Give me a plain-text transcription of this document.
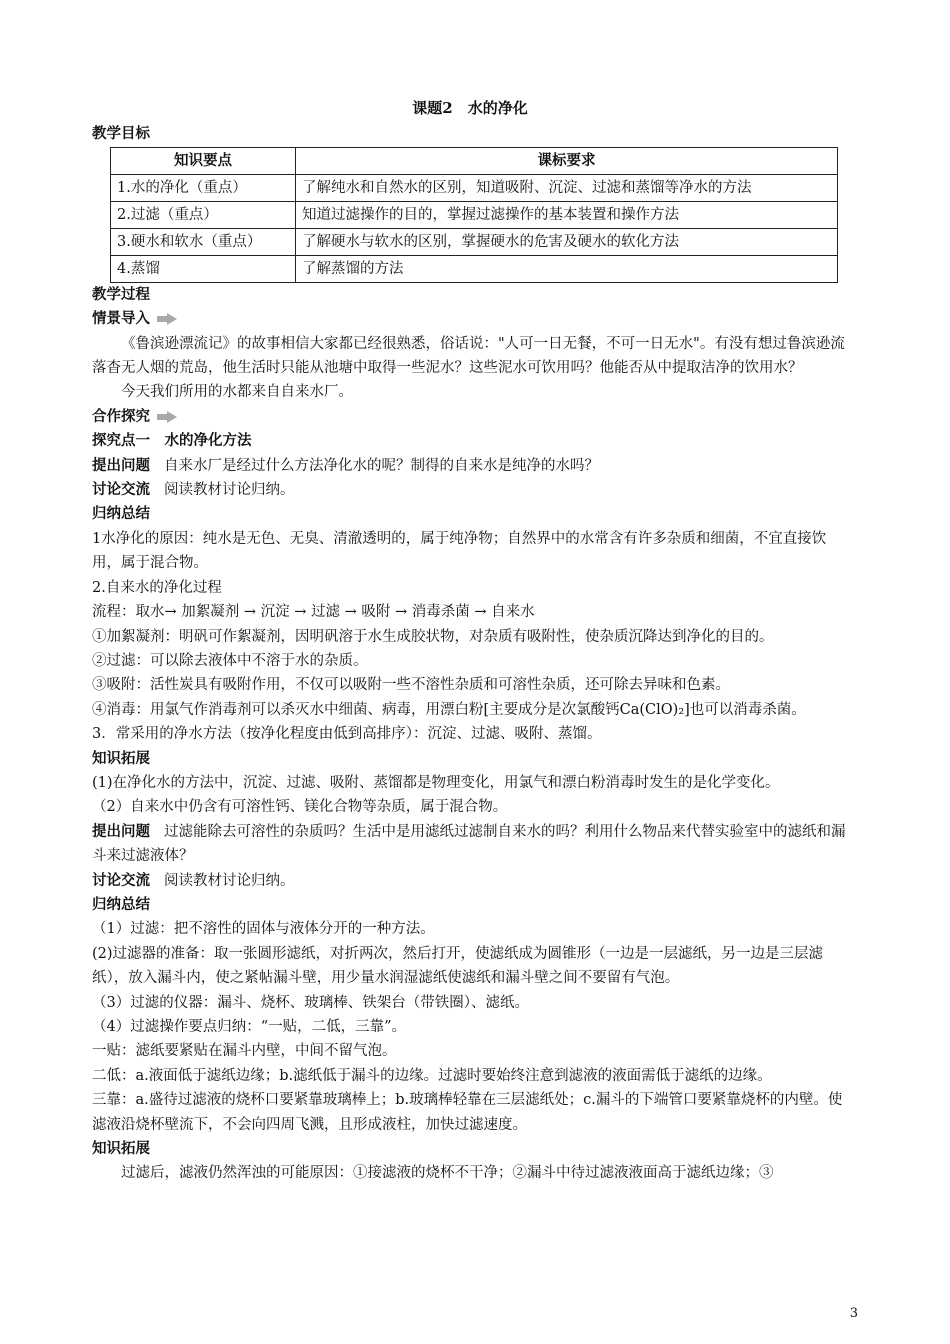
课题2　水的净化
教学目标
知识要点	课标要求
1.水的净化（重点）	了解纯水和自然水的区别，知道吸附、沉淀、过滤和蒸馏等净水的方法
2.过滤（重点）	知道过滤操作的目的，掌握过滤操作的基本装置和操作方法
3.硬水和软水（重点）	了解硬水与软水的区别，掌握硬水的危害及硬水的软化方法
4.蒸馏	了解蒸馏的方法
教学过程
情景导入

《鲁滨逊漂流记》的故事相信大家都已经很熟悉，俗话说："人可一日无餐，不可一日无水"。有没有想过鲁滨逊流落杳无人烟的荒岛，他生活时只能从池塘中取得一些泥水？这些泥水可饮用吗？他能否从中提取洁净的饮用水？

今天我们所用的水都来自自来水厂。

合作探究
探究点一　水的净化方法

提出问题 自来水厂是经过什么方法净化水的呢？制得的自来水是纯净的水吗？

讨论交流 阅读教材讨论归纳。

归纳总结

1水净化的原因：纯水是无色、无臭、清澈透明的，属于纯净物；自然界中的水常含有许多杂质和细菌，不宜直接饮用，属于混合物。

2.自来水的净化过程

流程：取水→ 加絮凝剂 → 沉淀 → 过滤 → 吸附 → 消毒杀菌 → 自来水

①加絮凝剂：明矾可作絮凝剂，因明矾溶于水生成胶状物，对杂质有吸附性，使杂质沉降达到净化的目的。

②过滤：可以除去液体中不溶于水的杂质。

③吸附：活性炭具有吸附作用，不仅可以吸附一些不溶性杂质和可溶性杂质，还可除去异味和色素。

④消毒：用氯气作消毒剂可以杀灭水中细菌、病毒，用漂白粉[主要成分是次氯酸钙Ca(ClO)₂]也可以消毒杀菌。

3．常采用的净水方法（按净化程度由低到高排序）：沉淀、过滤、吸附、蒸馏。

知识拓展

(1)在净化水的方法中，沉淀、过滤、吸附、蒸馏都是物理变化，用氯气和漂白粉消毒时发生的是化学变化。

（2）自来水中仍含有可溶性钙、镁化合物等杂质，属于混合物。

提出问题 过滤能除去可溶性的杂质吗？生活中是用滤纸过滤制自来水的吗？利用什么物品来代替实验室中的滤纸和漏斗来过滤液体？

讨论交流 阅读教材讨论归纳。

归纳总结

（1）过滤：把不溶性的固体与液体分开的一种方法。

(2)过滤器的准备：取一张圆形滤纸，对折两次，然后打开，使滤纸成为圆锥形（一边是一层滤纸，另一边是三层滤纸），放入漏斗内，使之紧帖漏斗壁，用少量水润湿滤纸使滤纸和漏斗壁之间不要留有气泡。

（3）过滤的仪器：漏斗、烧杯、玻璃棒、铁架台（带铁圈）、滤纸。

（4）过滤操作要点归纳：“一贴，二低，三靠”。

一贴：滤纸要紧贴在漏斗内壁，中间不留气泡。

二低：a.液面低于滤纸边缘；b.滤纸低于漏斗的边缘。过滤时要始终注意到滤液的液面需低于滤纸的边缘。

三靠：a.盛待过滤液的烧杯口要紧靠玻璃棒上；b.玻璃棒轻靠在三层滤纸处；c.漏斗的下端管口要紧靠烧杯的内壁。使滤液沿烧杯壁流下，不会向四周飞溅，且形成液柱，加快过滤速度。

知识拓展

过滤后，滤液仍然浑浊的可能原因：①接滤液的烧杯不干净；②漏斗中待过滤液液面高于滤纸边缘；③

3
